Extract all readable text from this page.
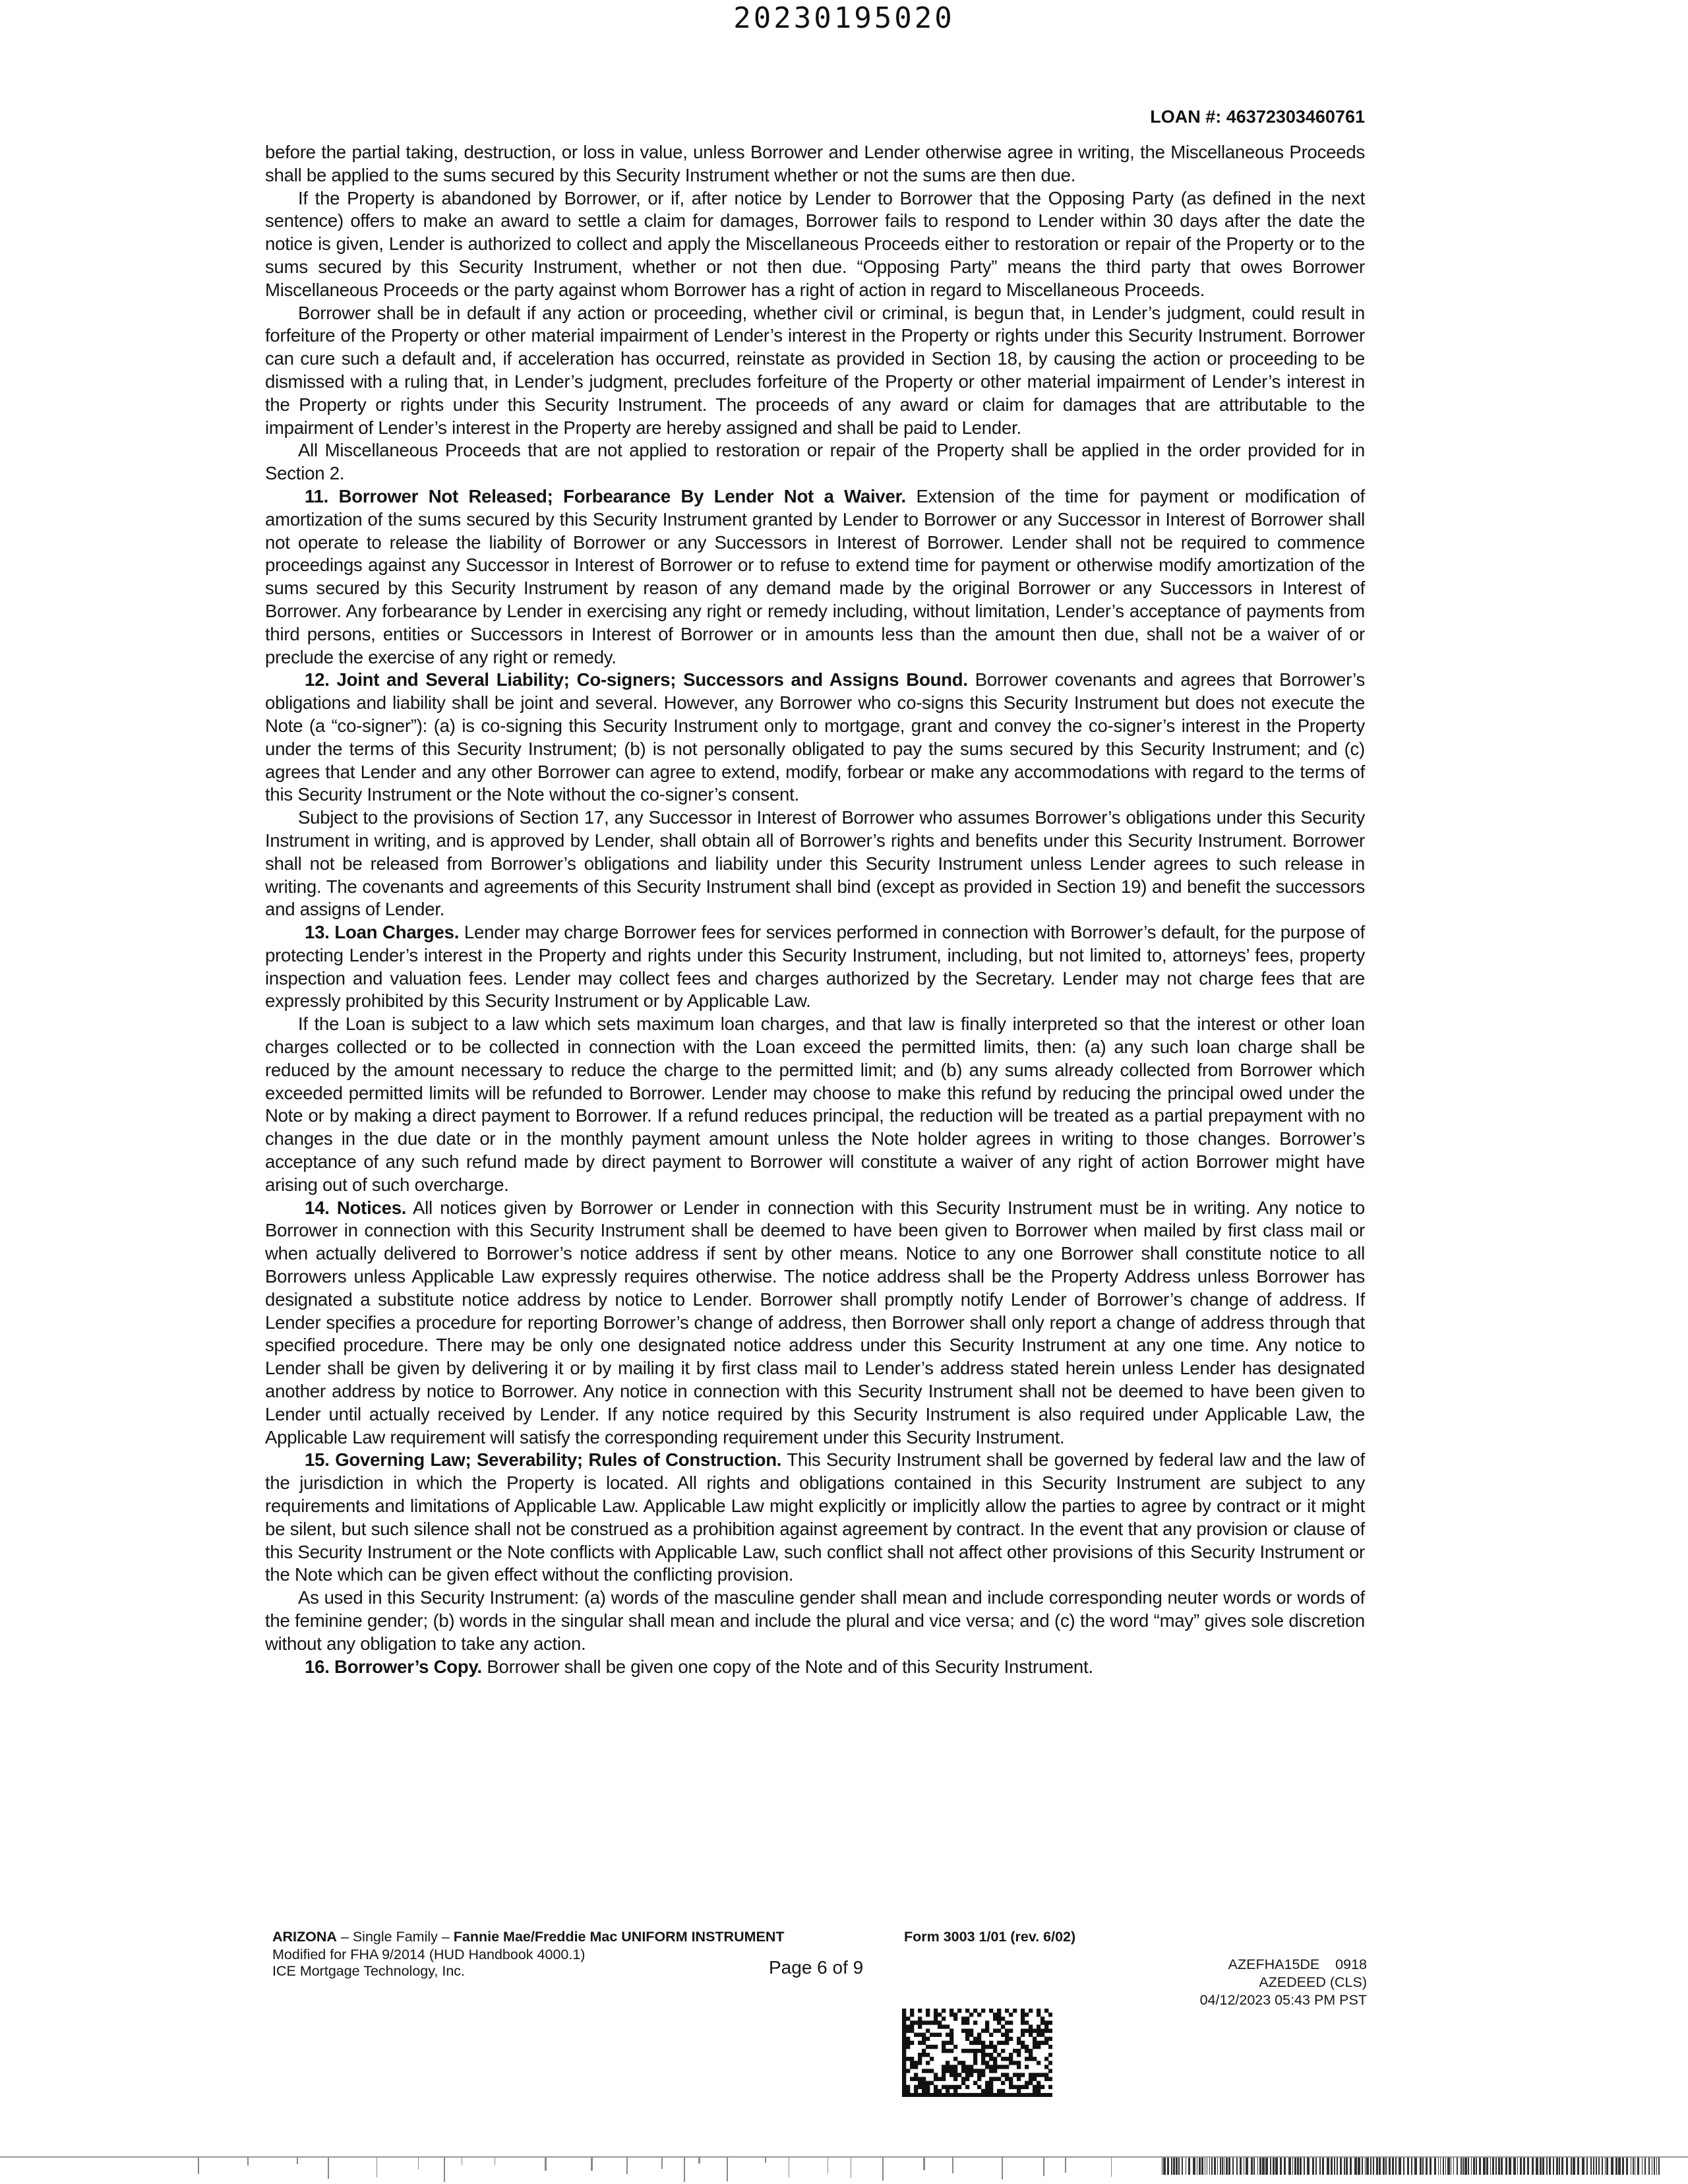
20230195020
LOAN #: 46372303460761

before the partial taking, destruction, or loss in value, unless Borrower and Lender otherwise agree in writing, the Miscellaneous Proceeds shall be applied to the sums secured by this Security Instrument whether or not the sums are then due.

If the Property is abandoned by Borrower, or if, after notice by Lender to Borrower that the Opposing Party (as defined in the next sentence) offers to make an award to settle a claim for damages, Borrower fails to respond to Lender within 30 days after the date the notice is given, Lender is authorized to collect and apply the Miscellaneous Proceeds either to restoration or repair of the Property or to the sums secured by this Security Instrument, whether or not then due. “Opposing Party” means the third party that owes Borrower Miscellaneous Proceeds or the party against whom Borrower has a right of action in regard to Miscellaneous Proceeds.

Borrower shall be in default if any action or proceeding, whether civil or criminal, is begun that, in Lender’s judgment, could result in forfeiture of the Property or other material impairment of Lender’s interest in the Property or rights under this Security Instrument. Borrower can cure such a default and, if acceleration has occurred, reinstate as provided in Section 18, by causing the action or proceeding to be dismissed with a ruling that, in Lender’s judgment, precludes forfeiture of the Property or other material impairment of Lender’s interest in the Property or rights under this Security Instrument. The proceeds of any award or claim for damages that are attributable to the impairment of Lender’s interest in the Property are hereby assigned and shall be paid to Lender.

All Miscellaneous Proceeds that are not applied to restoration or repair of the Property shall be applied in the order provided for in Section 2.

11. Borrower Not Released; Forbearance By Lender Not a Waiver. Extension of the time for payment or modification of amortization of the sums secured by this Security Instrument granted by Lender to Borrower or any Successor in Interest of Borrower shall not operate to release the liability of Borrower or any Successors in Interest of Borrower. Lender shall not be required to commence proceedings against any Successor in Interest of Borrower or to refuse to extend time for payment or otherwise modify amortization of the sums secured by this Security Instrument by reason of any demand made by the original Borrower or any Successors in Interest of Borrower. Any forbearance by Lender in exercising any right or remedy including, without limitation, Lender’s acceptance of payments from third persons, entities or Successors in Interest of Borrower or in amounts less than the amount then due, shall not be a waiver of or preclude the exercise of any right or remedy.

12. Joint and Several Liability; Co-signers; Successors and Assigns Bound. Borrower covenants and agrees that Borrower’s obligations and liability shall be joint and several. However, any Borrower who co-signs this Security Instrument but does not execute the Note (a “co-signer”): (a) is co-signing this Security Instrument only to mortgage, grant and convey the co-signer’s interest in the Property under the terms of this Security Instrument; (b) is not personally obligated to pay the sums secured by this Security Instrument; and (c) agrees that Lender and any other Borrower can agree to extend, modify, forbear or make any accommodations with regard to the terms of this Security Instrument or the Note without the co-signer’s consent.

Subject to the provisions of Section 17, any Successor in Interest of Borrower who assumes Borrower’s obligations under this Security Instrument in writing, and is approved by Lender, shall obtain all of Borrower’s rights and benefits under this Security Instrument. Borrower shall not be released from Borrower’s obligations and liability under this Security Instrument unless Lender agrees to such release in writing. The covenants and agreements of this Security Instrument shall bind (except as provided in Section 19) and benefit the successors and assigns of Lender.

13. Loan Charges. Lender may charge Borrower fees for services performed in connection with Borrower’s default, for the purpose of protecting Lender’s interest in the Property and rights under this Security Instrument, including, but not limited to, attorneys’ fees, property inspection and valuation fees. Lender may collect fees and charges authorized by the Secretary. Lender may not charge fees that are expressly prohibited by this Security Instrument or by Applicable Law.

If the Loan is subject to a law which sets maximum loan charges, and that law is finally interpreted so that the interest or other loan charges collected or to be collected in connection with the Loan exceed the permitted limits, then: (a) any such loan charge shall be reduced by the amount necessary to reduce the charge to the permitted limit; and (b) any sums already collected from Borrower which exceeded permitted limits will be refunded to Borrower. Lender may choose to make this refund by reducing the principal owed under the Note or by making a direct payment to Borrower. If a refund reduces principal, the reduction will be treated as a partial prepayment with no changes in the due date or in the monthly payment amount unless the Note holder agrees in writing to those changes. Borrower’s acceptance of any such refund made by direct payment to Borrower will constitute a waiver of any right of action Borrower might have arising out of such overcharge.

14. Notices. All notices given by Borrower or Lender in connection with this Security Instrument must be in writing. Any notice to Borrower in connection with this Security Instrument shall be deemed to have been given to Borrower when mailed by first class mail or when actually delivered to Borrower’s notice address if sent by other means. Notice to any one Borrower shall constitute notice to all Borrowers unless Applicable Law expressly requires otherwise. The notice address shall be the Property Address unless Borrower has designated a substitute notice address by notice to Lender. Borrower shall promptly notify Lender of Borrower’s change of address. If Lender specifies a procedure for reporting Borrower’s change of address, then Borrower shall only report a change of address through that specified procedure. There may be only one designated notice address under this Security Instrument at any one time. Any notice to Lender shall be given by delivering it or by mailing it by first class mail to Lender’s address stated herein unless Lender has designated another address by notice to Borrower. Any notice in connection with this Security Instrument shall not be deemed to have been given to Lender until actually received by Lender. If any notice required by this Security Instrument is also required under Applicable Law, the Applicable Law requirement will satisfy the corresponding requirement under this Security Instrument.

15. Governing Law; Severability; Rules of Construction. This Security Instrument shall be governed by federal law and the law of the jurisdiction in which the Property is located. All rights and obligations contained in this Security Instrument are subject to any requirements and limitations of Applicable Law. Applicable Law might explicitly or implicitly allow the parties to agree by contract or it might be silent, but such silence shall not be construed as a prohibition against agreement by contract. In the event that any provision or clause of this Security Instrument or the Note conflicts with Applicable Law, such conflict shall not affect other provisions of this Security Instrument or the Note which can be given effect without the conflicting provision.

As used in this Security Instrument: (a) words of the masculine gender shall mean and include corresponding neuter words or words of the feminine gender; (b) words in the singular shall mean and include the plural and vice versa; and (c) the word “may” gives sole discretion without any obligation to take any action.

16. Borrower’s Copy. Borrower shall be given one copy of the Note and of this Security Instrument.

ARIZONA – Single Family – Fannie Mae/Freddie Mac UNIFORM INSTRUMENT	Form 3003 1/01 (rev. 6/02)
Modified for FHA 9/2014 (HUD Handbook 4000.1)
ICE Mortgage Technology, Inc.	Page 6 of 9	AZEFHA15DE    0918
AZEDEED (CLS)
04/12/2023 05:43 PM PST
